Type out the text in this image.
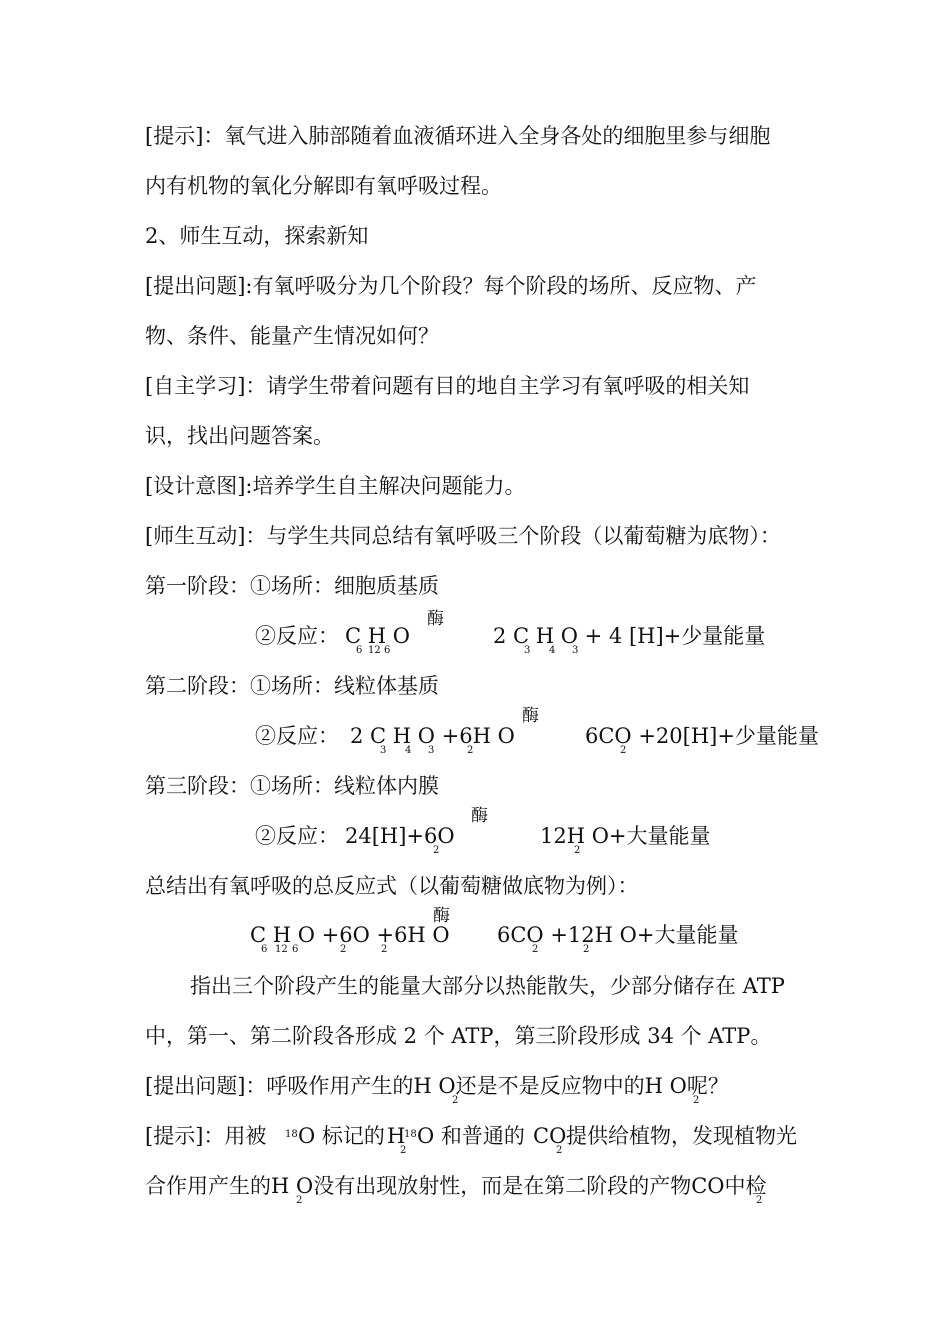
[提示]：氧气进入肺部随着血液循环进入全身各处的细胞里参与细胞
内有机物的氧化分解即有氧呼吸过程。
2、师生互动，探索新知
[提出问题]:有氧呼吸分为几个阶段？每个阶段的场所、反应物、产
物、条件、能量产生情况如何？
[自主学习]：请学生带着问题有目的地自主学习有氧呼吸的相关知
识，找出问题答案。
[设计意图]:培养学生自主解决问题能力。
[师生互动]：与学生共同总结有氧呼吸三个阶段（以葡萄糖为底物）：
第一阶段：①场所：细胞质基质
酶
②反应： C H O
6 12 6
2 C H O + 4 [H]+少量能量
3 4 3
第二阶段：①场所：线粒体基质
酶
②反应： 2 C H O +6H O
3 4 3	2
6CO +20[H]+少量能量
2
第三阶段：①场所：线粒体内膜
酶
②反应： 24[H]+6O
2
12H O+大量能量
2
总结出有氧呼吸的总反应式（以葡萄糖做底物为例）：
酶
C H O +6O +6H O
6 12 6	2	2
6CO +12H O+大量能量
2	2
指出三个阶段产生的能量大部分以热能散失，少部分储存在 ATP
中，第一、第二阶段各形成 2 个 ATP，第三阶段形成 34 个 ATP。
[提出问题]：呼吸作用产生的H O还是不是反应物中的H O呢？
2	2
[提示]：用被 18 O 标记的 H
2
18 O 和普通的 CO
2
提供给植物，发现植物光
合作用产生的H O没有出现放射性，而是在第二阶段的产物CO中检
2	2
